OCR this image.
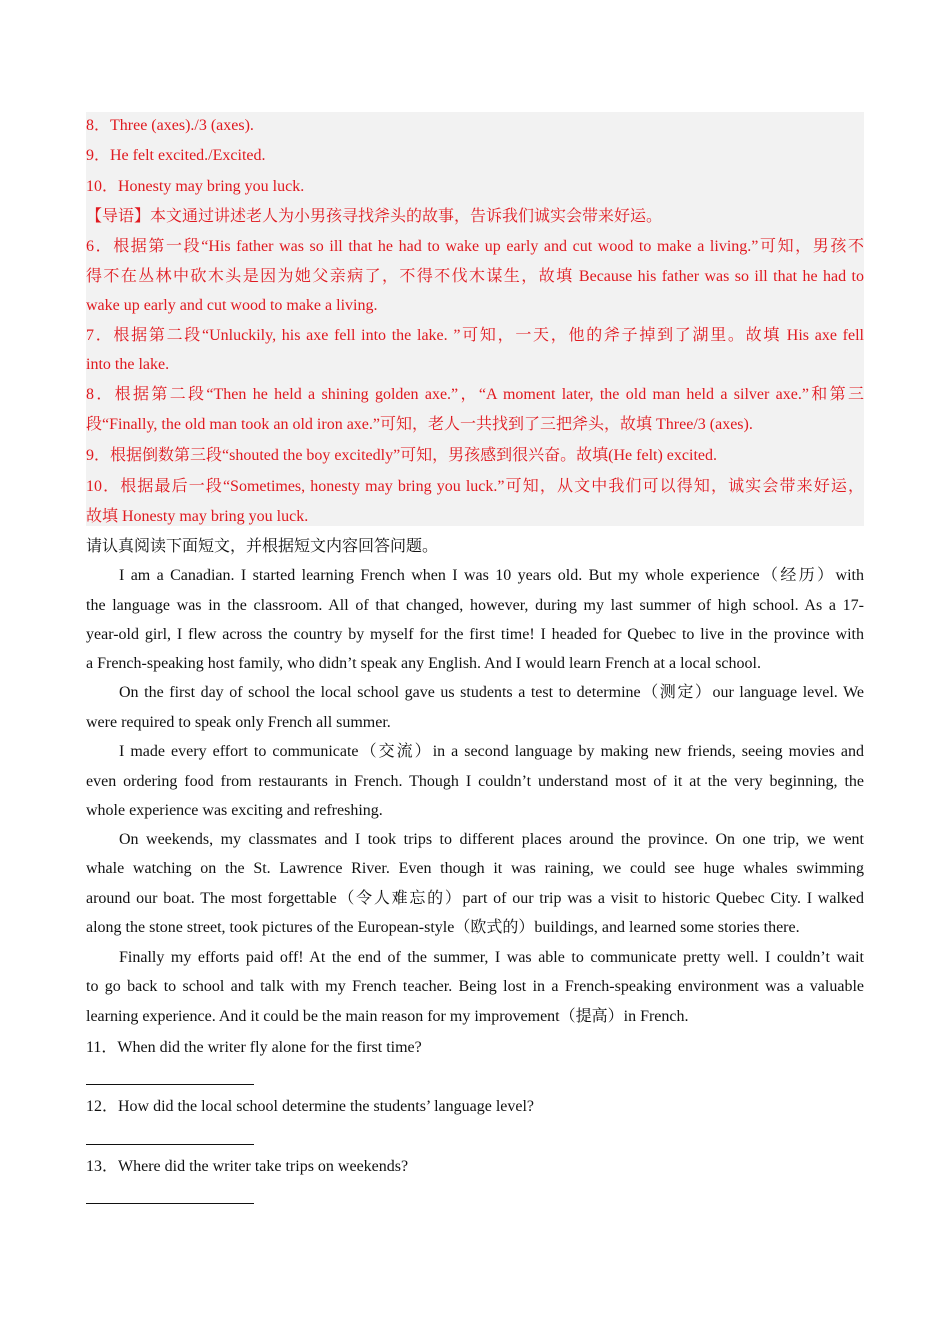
8．Three (axes)./3 (axes).
9．He felt excited./Excited.
10．Honesty may bring you luck.
【导语】本文通过讲述老人为小男孩寻找斧头的故事，告诉我们诚实会带来好运。
6．根据第一段“His father was so ill that he had to wake up early and cut wood to make a living.”可知，男孩不
得不在丛林中砍木头是因为她父亲病了，不得不伐木谋生，故填 Because his father was so ill that he had to
wake up early and cut wood to make a living.
7．根据第二段“Unluckily, his axe fell into the lake. ”可知，一天，他的斧子掉到了湖里。故填 His axe fell
into the lake.
8．根据第二段“Then he held a shining golden axe.”，“A moment later, the old man held a silver axe.”和第三
段“Finally, the old man took an old iron axe.”可知，老人一共找到了三把斧头，故填 Three/3 (axes).
9．根据倒数第三段“shouted the boy excitedly”可知，男孩感到很兴奋。故填(He felt) excited.
10．根据最后一段“Sometimes, honesty may bring you luck.”可知，从文中我们可以得知，诚实会带来好运，
故填 Honesty may bring you luck.
请认真阅读下面短文，并根据短文内容回答问题。
I am a Canadian. I started learning French when I was 10 years old. But my whole experience（经历）with
the language was in the classroom. All of that changed, however, during my last summer of high school. As a 17-
year-old girl, I flew across the country by myself for the first time! I headed for Quebec to live in the province with
a French-speaking host family, who didn’t speak any English. And I would learn French at a local school.
On the first day of school the local school gave us students a test to determine（测定）our language level. We
were required to speak only French all summer.
I made every effort to communicate（交流）in a second language by making new friends, seeing movies and
even ordering food from restaurants in French. Though I couldn’t understand most of it at the very beginning, the
whole experience was exciting and refreshing.
On weekends, my classmates and I took trips to different places around the province. On one trip, we went
whale watching on the St. Lawrence River. Even though it was raining, we could see huge whales swimming
around our boat. The most forgettable（令人难忘的）part of our trip was a visit to historic Quebec City. I walked
along the stone street, took pictures of the European-style（欧式的）buildings, and learned some stories there.
Finally my efforts paid off! At the end of the summer, I was able to communicate pretty well. I couldn’t wait
to go back to school and talk with my French teacher. Being lost in a French-speaking environment was a valuable
learning experience. And it could be the main reason for my improvement（提高）in French.
11．When did the writer fly alone for the first time?
12．How did the local school determine the students’ language level?
13．Where did the writer take trips on weekends?
